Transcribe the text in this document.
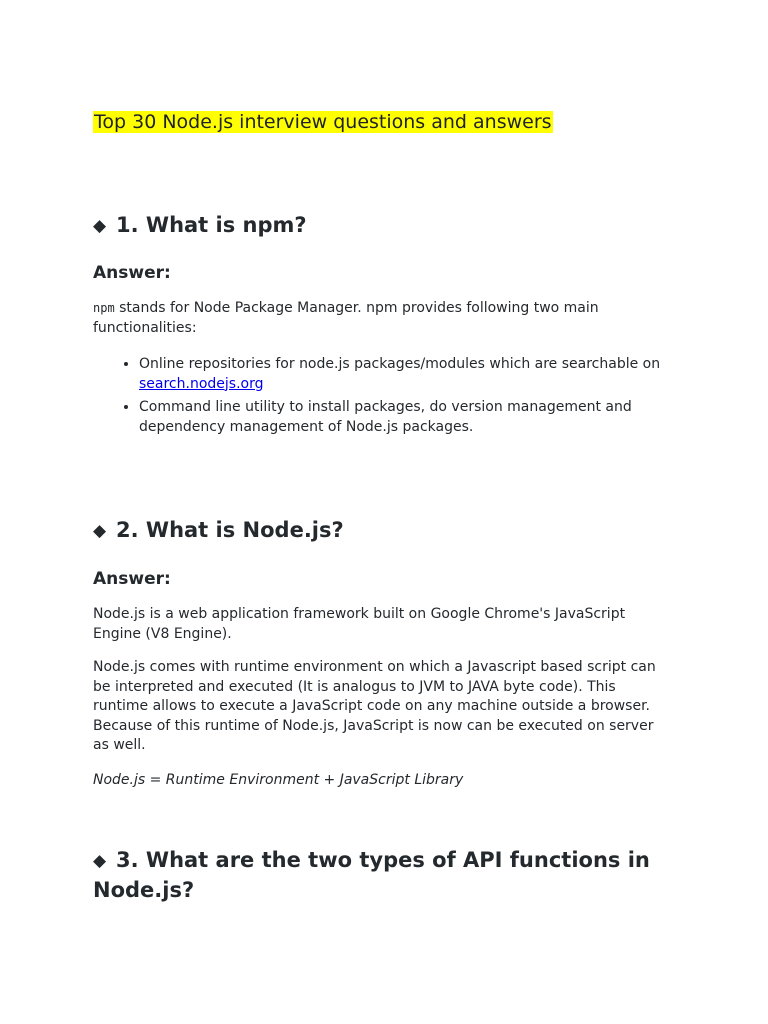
Top 30 Node.js interview questions and answers
◆ 1. What is npm?
Answer:

npm stands for Node Package Manager. npm provides following two main functionalities:

• Online repositories for node.js packages/modules which are searchable on search.nodejs.org
• Command line utility to install packages, do version management and dependency management of Node.js packages.
◆ 2. What is Node.js?
Answer:

Node.js is a web application framework built on Google Chrome's JavaScript Engine (V8 Engine).

Node.js comes with runtime environment on which a Javascript based script can be interpreted and executed (It is analogus to JVM to JAVA byte code). This runtime allows to execute a JavaScript code on any machine outside a browser. Because of this runtime of Node.js, JavaScript is now can be executed on server as well.

Node.js = Runtime Environment + JavaScript Library

◆ 3. What are the two types of API functions in Node.js?
